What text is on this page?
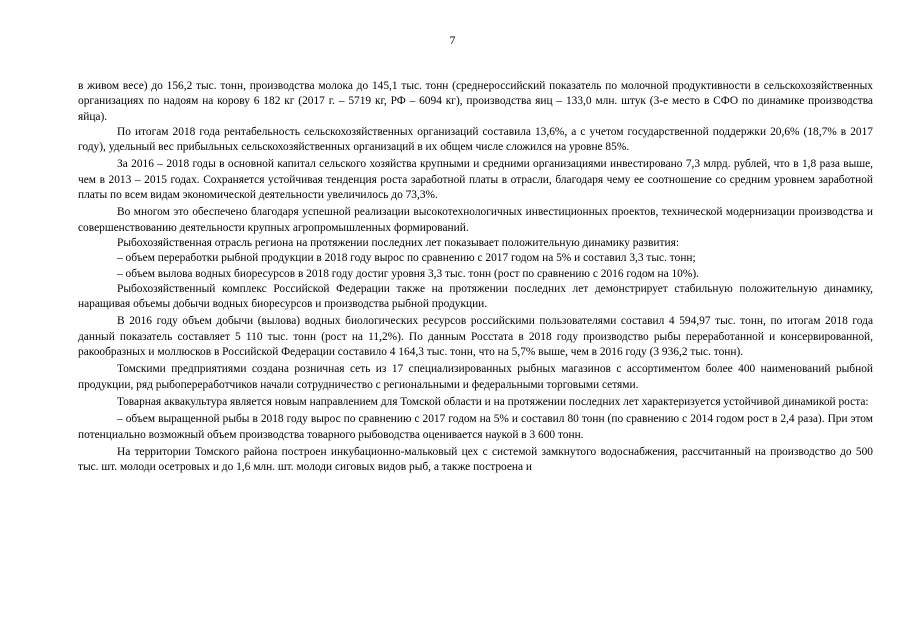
7

в живом весе) до 156,2 тыс. тонн, производства молока до 145,1 тыс. тонн (среднероссийский показатель по молочной продуктивности в сельскохозяйственных организациях по надоям на корову 6 182 кг (2017 г. – 5719 кг, РФ – 6094 кг), производства яиц – 133,0 млн. штук (3-е место в СФО по динамике производства яйца).

По итогам 2018 года рентабельность сельскохозяйственных организаций составила 13,6%, а с учетом государственной поддержки 20,6% (18,7% в 2017 году), удельный вес прибыльных сельскохозяйственных организаций в их общем числе сложился на уровне 85%.

За 2016 – 2018 годы в основной капитал сельского хозяйства крупными и средними организациями инвестировано 7,3 млрд. рублей, что в 1,8 раза выше, чем в 2013 – 2015 годах. Сохраняется устойчивая тенденция роста заработной платы в отрасли, благодаря чему ее соотношение со средним уровнем заработной платы по всем видам экономической деятельности увеличилось до 73,3%.

Во многом это обеспечено благодаря успешной реализации высокотехнологичных инвестиционных проектов, технической модернизации производства и совершенствованию деятельности крупных агропромышленных формирований.

Рыбохозяйственная отрасль региона на протяжении последних лет показывает положительную динамику развития:

– объем переработки рыбной продукции в 2018 году вырос по сравнению с 2017 годом на 5% и составил 3,3 тыс. тонн;

– объем вылова водных биоресурсов в 2018 году достиг уровня 3,3 тыс. тонн (рост по сравнению с 2016 годом на 10%).

Рыбохозяйственный комплекс Российской Федерации также на протяжении последних лет демонстрирует стабильную положительную динамику, наращивая объемы добычи водных биоресурсов и производства рыбной продукции.

В 2016 году объем добычи (вылова) водных биологических ресурсов российскими пользователями составил 4 594,97 тыс. тонн, по итогам 2018 года данный показатель составляет 5 110 тыс. тонн (рост на 11,2%). По данным Росстата в 2018 году производство рыбы переработанной и консервированной, ракообразных и моллюсков в Российской Федерации составило 4 164,3 тыс. тонн, что на 5,7% выше, чем в 2016 году (3 936,2 тыс. тонн).

Томскими предприятиями создана розничная сеть из 17 специализированных рыбных магазинов с ассортиментом более 400 наименований рыбной продукции, ряд рыбопереработчиков начали сотрудничество с региональными и федеральными торговыми сетями.

Товарная аквакультура является новым направлением для Томской области и на протяжении последних лет характеризуется устойчивой динамикой роста:

– объем выращенной рыбы в 2018 году вырос по сравнению с 2017 годом на 5% и составил 80 тонн (по сравнению с 2014 годом рост в 2,4 раза). При этом потенциально возможный объем производства товарного рыбоводства оценивается наукой в 3 600 тонн.

На территории Томского района построен инкубационно-мальковый цех с системой замкнутого водоснабжения, рассчитанный на производство до 500 тыс. шт. молоди осетровых и до 1,6 млн. шт. молоди сиговых видов рыб, а также построена и
